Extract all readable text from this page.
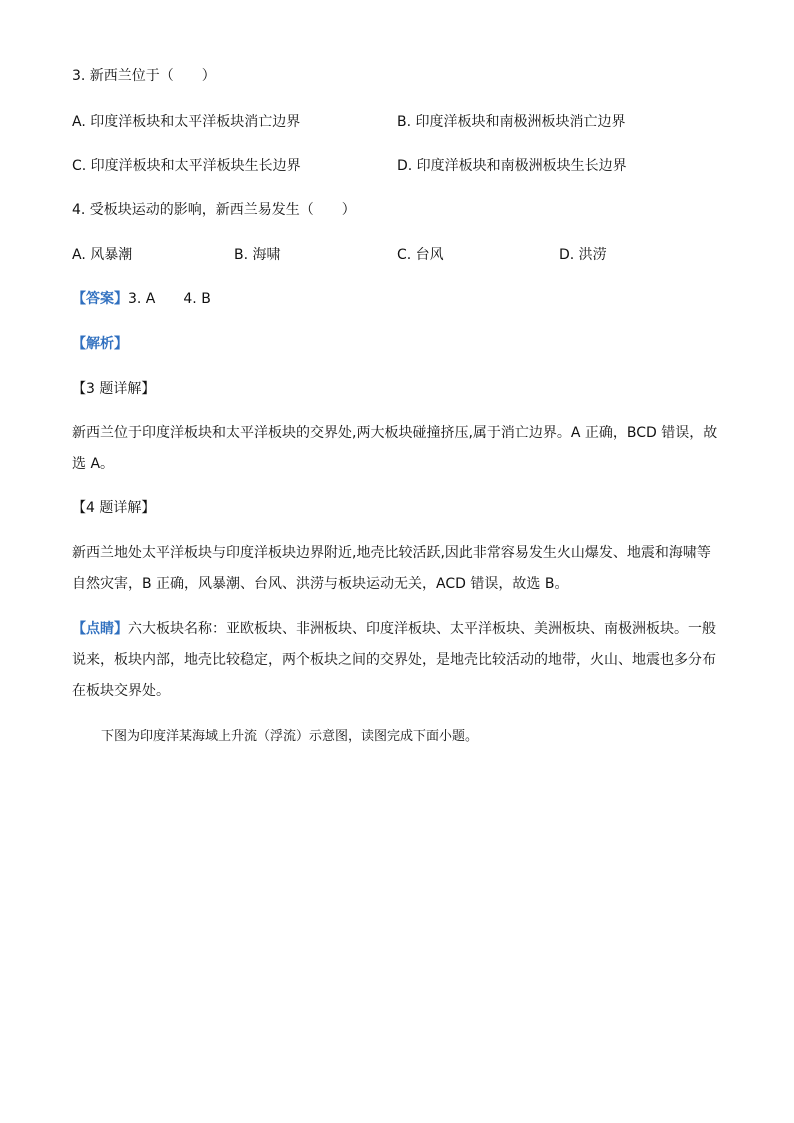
3. 新西兰位于（　　）
A. 印度洋板块和太平洋板块消亡边界	B. 印度洋板块和南极洲板块消亡边界
C. 印度洋板块和太平洋板块生长边界	D. 印度洋板块和南极洲板块生长边界
4. 受板块运动的影响，新西兰易发生（　　）
A. 风暴潮	B. 海啸	C. 台风	D. 洪涝
【答案】3. A　　4. B
【解析】
【3 题详解】
新西兰位于印度洋板块和太平洋板块的交界处,两大板块碰撞挤压,属于消亡边界。A 正确，BCD 错误，故选 A。
【4 题详解】
新西兰地处太平洋板块与印度洋板块边界附近,地壳比较活跃,因此非常容易发生火山爆发、地震和海啸等自然灾害，B 正确，风暴潮、台风、洪涝与板块运动无关，ACD 错误，故选 B。
【点睛】六大板块名称：亚欧板块、非洲板块、印度洋板块、太平洋板块、美洲板块、南极洲板块。一般说来，板块内部，地壳比较稳定，两个板块之间的交界处，是地壳比较活动的地带，火山、地震也多分布在板块交界处。
下图为印度洋某海域上升流（浮流）示意图，读图完成下面小题。
